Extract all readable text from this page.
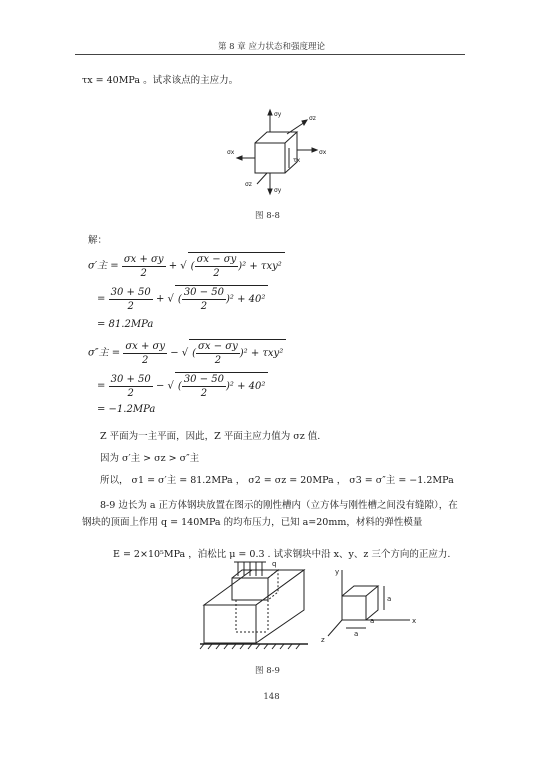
第 8 章 应力状态和强度理论
τx = 40MPa 。试求该点的主应力。
σy
σz
σx	σx
τx
σz
σy
图 8-8
解：
σ′主 = $\frac{\sigma x + \sigma y}{2}$ + √ ( $\frac{\sigma x - \sigma y}{2} )^2 + \tau xy^2$
= $\frac{30 + 50}{2}$ + √ ( $\frac{30 - 50}{2} )^2 + 40^2$
= 81.2MPa
σ″主 = $\frac{\sigma x + \sigma y}{2}$ − √ ( $\frac{\sigma x - \sigma y}{2} )^2 + \tau xy^2$
= $\frac{30 + 50}{2}$ − √ ( $\frac{30 - 50}{2} )^2 + 40^2$
= −1.2MPa
Z 平面为一主平面，因此，Z 平面主应力值为 σz 值.
因为 σ′主 > σz > σ″主
所以， σ1 = σ′主 = 81.2MPa ， σ2 = σz = 20MPa ， σ3 = σ″主 = −1.2MPa
8-9 边长为 a 正方体钢块放置在图示的刚性槽内（立方体与刚性槽之间没有缝隙），在
钢块的顶面上作用 q = 140MPa 的均布压力，已知 a=20mm，材料的弹性模量
E = 2×10⁵MPa ，泊松比 μ = 0.3 . 试求钢块中沿 x、y、z 三个方向的正应力.
q
y
x
z
a
a
a
图 8-9
148
